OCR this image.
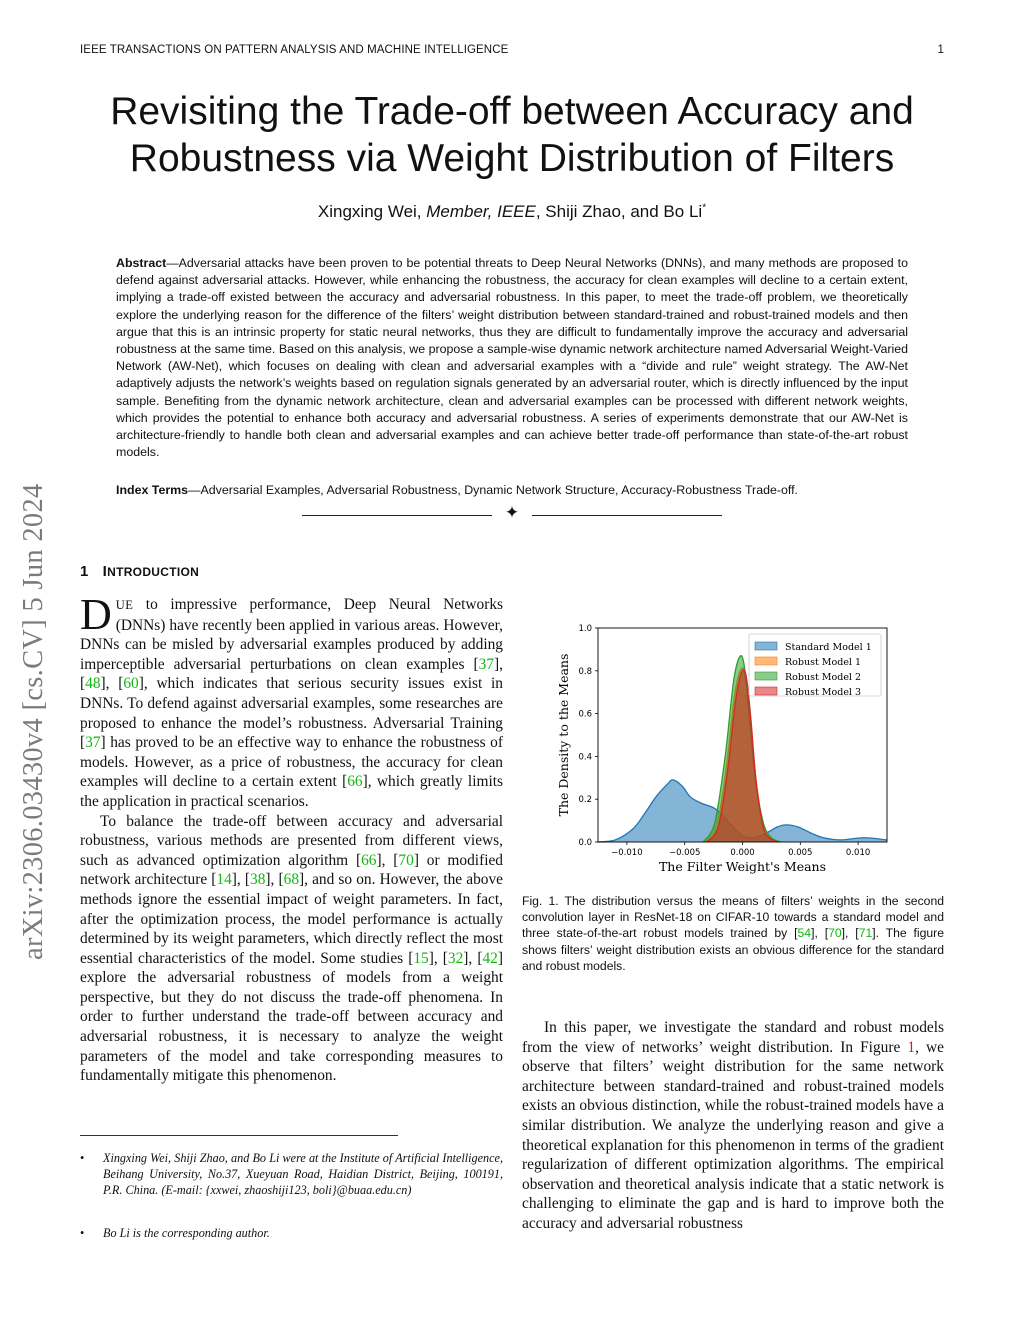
IEEE TRANSACTIONS ON PATTERN ANALYSIS AND MACHINE INTELLIGENCE	1
Revisiting the Trade-off between Accuracy and
Robustness via Weight Distribution of Filters
Xingxing Wei, Member, IEEE, Shiji Zhao, and Bo Li*
Abstract—Adversarial attacks have been proven to be potential threats to Deep Neural Networks (DNNs), and many methods are proposed to defend against adversarial attacks. However, while enhancing the robustness, the accuracy for clean examples will decline to a certain extent, implying a trade-off existed between the accuracy and adversarial robustness. In this paper, to meet the trade-off problem, we theoretically explore the underlying reason for the difference of the filters’ weight distribution between standard-trained and robust-trained models and then argue that this is an intrinsic property for static neural networks, thus they are difficult to fundamentally improve the accuracy and adversarial robustness at the same time. Based on this analysis, we propose a sample-wise dynamic network architecture named Adversarial Weight-Varied Network (AW-Net), which focuses on dealing with clean and adversarial examples with a “divide and rule” weight strategy. The AW-Net adaptively adjusts the network’s weights based on regulation signals generated by an adversarial router, which is directly influenced by the input sample. Benefiting from the dynamic network architecture, clean and adversarial examples can be processed with different network weights, which provides the potential to enhance both accuracy and adversarial robustness. A series of experiments demonstrate that our AW-Net is architecture-friendly to handle both clean and adversarial examples and can achieve better trade-off performance than state-of-the-art robust models.
Index Terms—Adversarial Examples, Adversarial Robustness, Dynamic Network Structure, Accuracy-Robustness Trade-off.
✦
arXiv:2306.03430v4 [cs.CV] 5 Jun 2024 1 INTRODUCTION

DUE to impressive performance, Deep Neural Networks (DNNs) have recently been applied in various areas. However, DNNs can be misled by adversarial examples produced by adding imperceptible adversarial perturbations on clean examples [37], [48], [60], which indicates that serious security issues exist in DNNs. To defend against adversarial examples, some researches are proposed to enhance the model’s robustness. Adversarial Training [37] has proved to be an effective way to enhance the robustness of models. However, as a price of robustness, the accuracy for clean examples will decline to a certain extent [66], which greatly limits the application in practical scenarios.

To balance the trade-off between accuracy and adversarial robustness, various methods are presented from different views, such as advanced optimization algorithm [66], [70] or modified network architecture [14], [38], [68], and so on. However, the above methods ignore the essential impact of weight parameters. In fact, after the optimization process, the model performance is actually determined by its weight parameters, which directly reflect the most essential characteristics of the model. Some studies [15], [32], [42] explore the adversarial robustness of models from a weight perspective, but they do not discuss the trade-off phenomena. In order to further understand the trade-off between accuracy and adversarial robustness, it is necessary to analyze the weight parameters of the model and take corresponding measures to fundamentally mitigate this phenomenon.

• Xingxing Wei, Shiji Zhao, and Bo Li were at the Institute of Artificial Intelligence, Beihang University, No.37, Xueyuan Road, Haidian District, Beijing, 100191, P.R. China. (E-mail: {xxwei, zhaoshiji123, boli}@buaa.edu.cn)
• Bo Li is the corresponding author.
0.0
0.2
0.4
0.6
0.8
1.0
−0.010	−0.005	0.000	0.005	0.010
The Filter Weight's Means
The Density to the Means
Standard Model 1
Robust Model 1
Robust Model 2
Robust Model 3
Fig. 1. The distribution versus the means of filters’ weights in the second convolution layer in ResNet-18 on CIFAR-10 towards a standard model and three state-of-the-art robust models trained by [54], [70], [71]. The figure shows filters’ weight distribution exists an obvious difference for the standard and robust models.

In this paper, we investigate the standard and robust models from the view of networks’ weight distribution. In Figure 1, we observe that filters’ weight distribution for the same network architecture between standard-trained and robust-trained models exists an obvious distinction, while the robust-trained models have a similar distribution. We analyze the underlying reason and give a theoretical explanation for this phenomenon in terms of the gradient regularization of different optimization algorithms. The empirical observation and theoretical analysis indicate that a static network is challenging to eliminate the gap and is hard to improve both the accuracy and adversarial robustness
